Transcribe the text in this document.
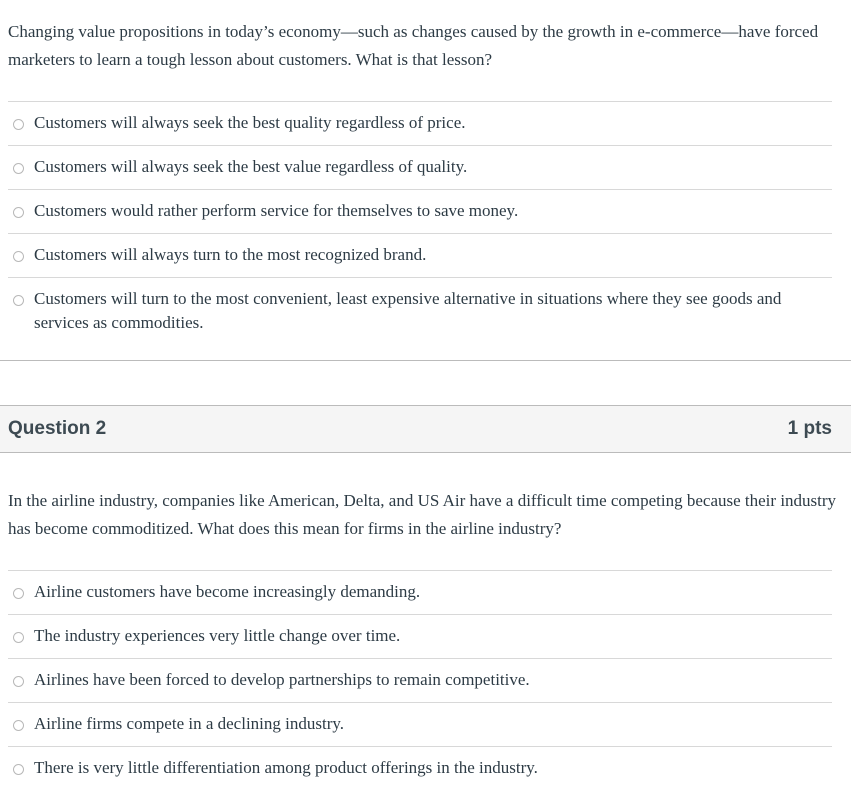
Changing value propositions in today’s economy—such as changes caused by the growth in e-commerce—have forced marketers to learn a tough lesson about customers. What is that lesson?
Customers will always seek the best quality regardless of price.
Customers will always seek the best value regardless of quality.
Customers would rather perform service for themselves to save money.
Customers will always turn to the most recognized brand.
Customers will turn to the most convenient, least expensive alternative in situations where they see goods and services as commodities.
Question 2	1 pts
In the airline industry, companies like American, Delta, and US Air have a difficult time competing because their industry has become commoditized. What does this mean for firms in the airline industry?
Airline customers have become increasingly demanding.
The industry experiences very little change over time.
Airlines have been forced to develop partnerships to remain competitive.
Airline firms compete in a declining industry.
There is very little differentiation among product offerings in the industry.
